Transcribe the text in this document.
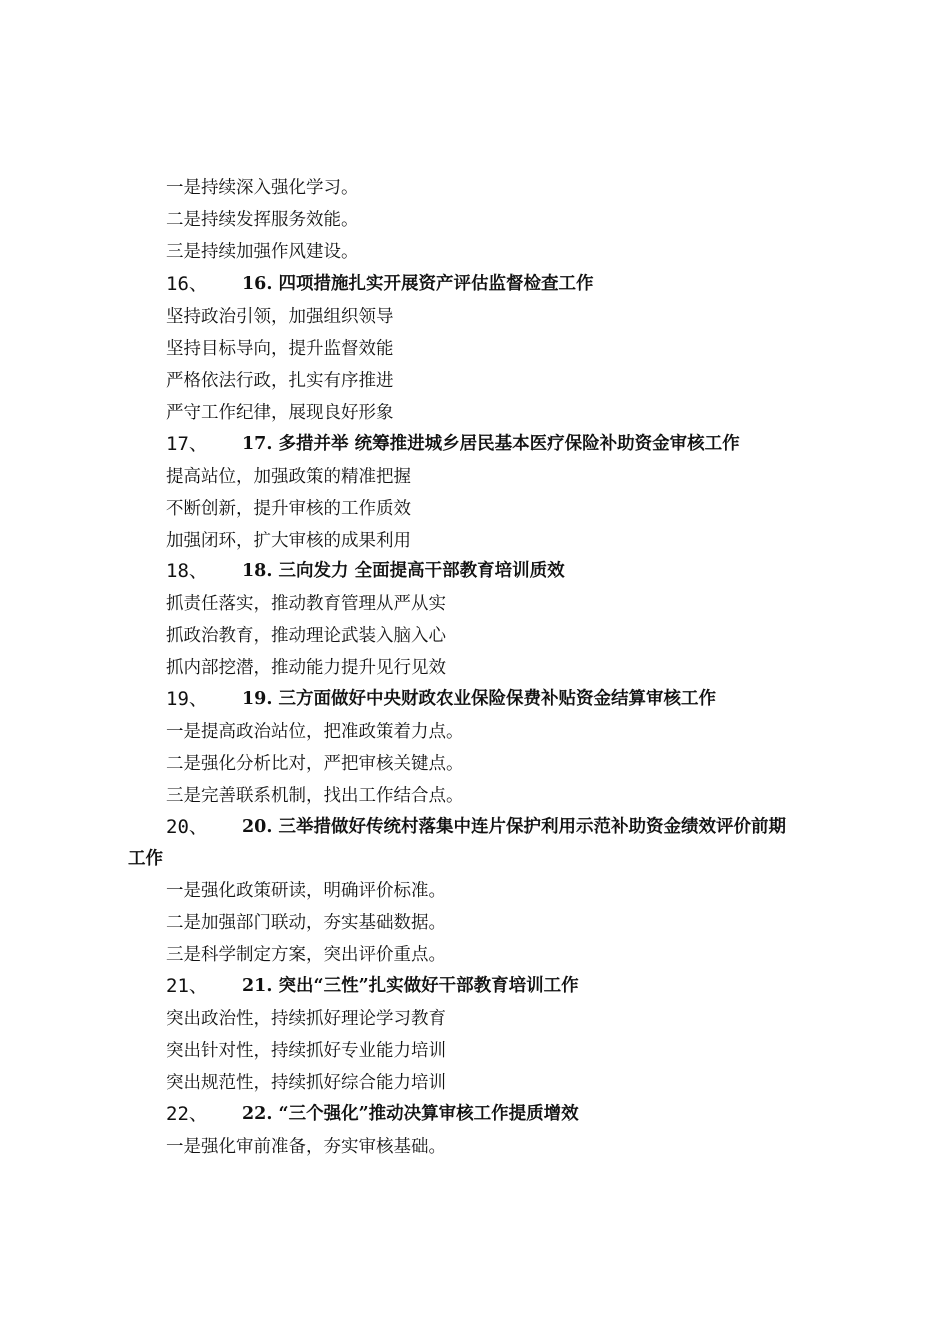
一是持续深入强化学习。
二是持续发挥服务效能。
三是持续加强作风建设。
16、 16. 四项措施扎实开展资产评估监督检查工作
坚持政治引领，加强组织领导
坚持目标导向，提升监督效能
严格依法行政，扎实有序推进
严守工作纪律，展现良好形象
17、 17. 多措并举 统筹推进城乡居民基本医疗保险补助资金审核工作
提高站位，加强政策的精准把握
不断创新，提升审核的工作质效
加强闭环，扩大审核的成果利用
18、 18. 三向发力 全面提高干部教育培训质效
抓责任落实，推动教育管理从严从实
抓政治教育，推动理论武装入脑入心
抓内部挖潜，推动能力提升见行见效
19、 19. 三方面做好中央财政农业保险保费补贴资金结算审核工作
一是提高政治站位，把准政策着力点。
二是强化分析比对，严把审核关键点。
三是完善联系机制，找出工作结合点。
20、 20. 三举措做好传统村落集中连片保护利用示范补助资金绩效评价前期
工作
一是强化政策研读，明确评价标准。
二是加强部门联动，夯实基础数据。
三是科学制定方案，突出评价重点。
21、 21. 突出“三性”扎实做好干部教育培训工作
突出政治性，持续抓好理论学习教育
突出针对性，持续抓好专业能力培训
突出规范性，持续抓好综合能力培训
22、 22. “三个强化”推动决算审核工作提质增效
一是强化审前准备，夯实审核基础。
